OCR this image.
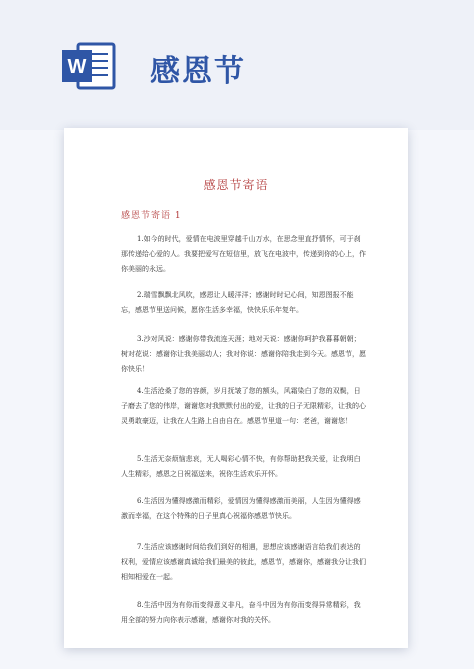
W 感恩节
感恩节寄语
感恩节寄语 1
1.如今的时代，爱情在电波里穿越千山万水，在思念里直抒情怀，可于刹那传递给心爱的人。我要把爱写在短信里，放飞在电波中，传递到你的心上，作你美丽的永远。
2.瑞雪飘飘北风吹，感恩让人暖洋洋；感谢时时记心间，知恩图报不能忘，感恩节里送问候，愿你生活多幸福，快快乐乐年复年。
3.沙对风说：感谢你带我流连天涯；地对天说：感谢你呵护我暮暮朝朝；树对花说：感谢你让我美丽动人；我对你说：感谢你陪我走到今天。感恩节，愿你快乐！
4.生活沧桑了您的容颜，岁月抚皱了您的额头，风霜染白了您的双鬓，日子磨去了您的伟岸，谢谢您对我默默付出的爱，让我的日子无限精彩，让我的心灵勇敢豪迈，让我在人生路上自由自在。感恩节里道一句：老爸，谢谢您！
5.生活无奈烦恼悲哀，无人喝彩心情不快，有你帮助把我关爱，让我明白人生精彩，感恩之日祝福送来，祝你生活欢乐开怀。
6.生活因为懂得感激而精彩，爱情因为懂得感激而美丽，人生因为懂得感激而幸福，在这个特殊的日子里真心祝福你感恩节快乐。
7.生活应该感谢时间给我们到好的相遇，思想应该感谢语言给我们表达的权利，爱情应该感谢真诚给我们最美的彼此，感恩节，感谢你，感谢我分让我们相知相爱在一起。
8.生活中因为有你而变得意义非凡，奋斗中因为有你而变得异常精彩，我用全部的努力向你表示感谢，感谢你对我的关怀。
